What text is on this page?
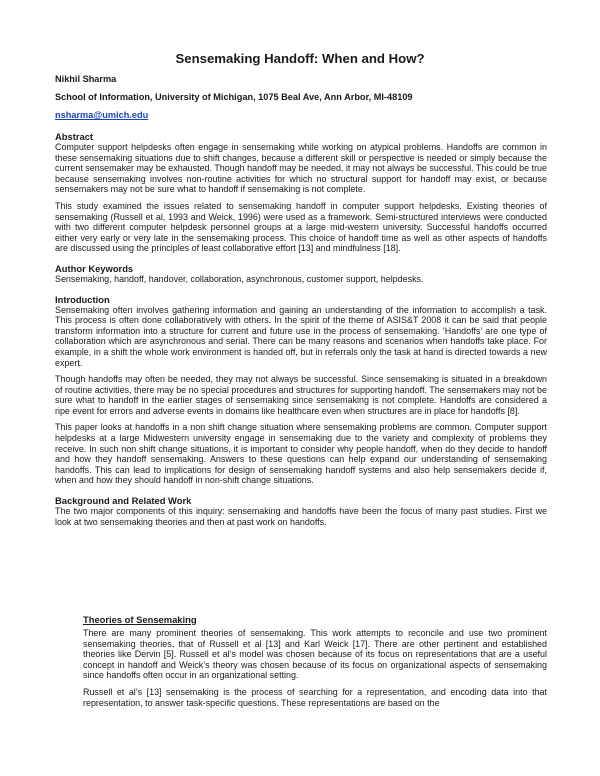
Sensemaking Handoff: When and How?
Nikhil Sharma
School of Information, University of Michigan, 1075 Beal Ave, Ann Arbor, MI-48109
nsharma@umich.edu
Abstract

Computer support helpdesks often engage in sensemaking while working on atypical problems. Handoffs are common in these sensemaking situations due to shift changes, because a different skill or perspective is needed or simply because the current sensemaker may be exhausted. Though handoff may be needed, it may not always be successful. This could be true because sensemaking involves non-routine activities for which no structural support for handoff may exist, or because sensemakers may not be sure what to handoff if sensemaking is not complete.

This study examined the issues related to sensemaking handoff in computer support helpdesks. Existing theories of sensemaking (Russell et al, 1993 and Weick, 1996) were used as a framework. Semi-structured interviews were conducted with two different computer helpdesk personnel groups at a large mid-western university. Successful handoffs occurred either very early or very late in the sensemaking process. This choice of handoff time as well as other aspects of handoffs are discussed using the principles of least collaborative effort [13] and mindfulness [18].

Author Keywords

Sensemaking, handoff, handover, collaboration, asynchronous, customer support, helpdesks.

Introduction

Sensemaking often involves gathering information and gaining an understanding of the information to accomplish a task. This process is often done collaboratively with others. In the spirit of the theme of ASIS&T 2008 it can be said that people transform information into a structure for current and future use in the process of sensemaking. ‘Handoffs’ are one type of collaboration which are asynchronous and serial. There can be many reasons and scenarios when handoffs take place. For example, in a shift the whole work environment is handed off, but in referrals only the task at hand is directed towards a new expert.

Though handoffs may often be needed, they may not always be successful. Since sensemaking is situated in a breakdown of routine activities, there may be no special procedures and structures for supporting handoff. The sensemakers may not be sure what to handoff in the earlier stages of sensemaking since sensemaking is not complete. Handoffs are considered a ripe event for errors and adverse events in domains like healthcare even when structures are in place for handoffs [8].

This paper looks at handoffs in a non shift change situation where sensemaking problems are common. Computer support helpdesks at a large Midwestern university engage in sensemaking due to the variety and complexity of problems they receive. In such non shift change situations, it is important to consider why people handoff, when do they decide to handoff and how they handoff sensemaking. Answers to these questions can help expand our understanding of sensemaking handoffs. This can lead to implications for design of sensemaking handoff systems and also help sensemakers decide if, when and how they should handoff in non-shift change situations.

Background and Related Work

The two major components of this inquiry: sensemaking and handoffs have been the focus of many past studies. First we look at two sensemaking theories and then at past work on handoffs.

Theories of Sensemaking

There are many prominent theories of sensemaking. This work attempts to reconcile and use two prominent sensemaking theories, that of Russell et al [13] and Karl Weick [17]. There are other pertinent and established theories like Dervin [5]. Russell et al’s model was chosen because of its focus on representations that are a useful concept in handoff and Weick’s theory was chosen because of its focus on organizational aspects of sensemaking since handoffs often occur in an organizational setting.

Russell et al’s [13] sensemaking is the process of searching for a representation, and encoding data into that representation, to answer task-specific questions. These representations are based on the
